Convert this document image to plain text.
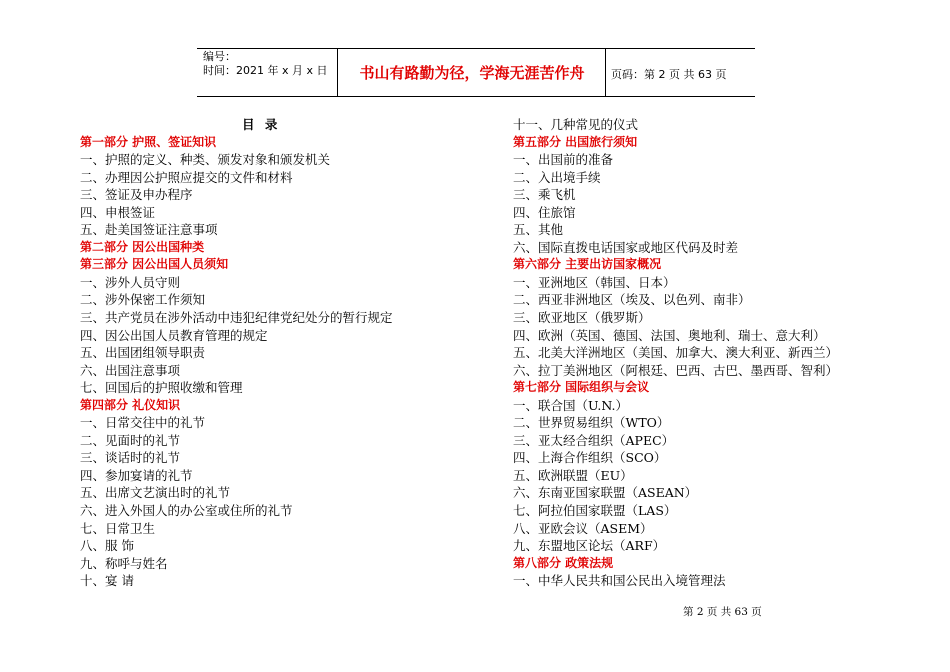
编号：
时间：2021 年 x 月 x 日	书山有路勤为径，学海无涯苦作舟	页码：第 2 页 共 63 页
目 录
第一部分 护照、签证知识
一、护照的定义、种类、颁发对象和颁发机关
二、办理因公护照应提交的文件和材料
三、签证及申办程序
四、申根签证
五、赴美国签证注意事项
第二部分 因公出国种类
第三部分 因公出国人员须知
一、涉外人员守则
二、涉外保密工作须知
三、共产党员在涉外活动中违犯纪律党纪处分的暂行规定
四、因公出国人员教育管理的规定
五、出国团组领导职责
六、出国注意事项
七、回国后的护照收缴和管理
第四部分 礼仪知识
一、日常交往中的礼节
二、见面时的礼节
三、谈话时的礼节
四、参加宴请的礼节
五、出席文艺演出时的礼节
六、进入外国人的办公室或住所的礼节
七、日常卫生
八、服 饰
九、称呼与姓名
十、宴 请
十一、几种常见的仪式
第五部分 出国旅行须知
一、出国前的准备
二、入出境手续
三、乘飞机
四、住旅馆
五、其他
六、国际直拨电话国家或地区代码及时差
第六部分 主要出访国家概况
一、亚洲地区（韩国、日本）
二、西亚非洲地区（埃及、以色列、南非）
三、欧亚地区（俄罗斯）
四、欧洲（英国、德国、法国、奥地利、瑞士、意大利）
五、北美大洋洲地区（美国、加拿大、澳大利亚、新西兰）
六、拉丁美洲地区（阿根廷、巴西、古巴、墨西哥、智利）
第七部分 国际组织与会议
一、联合国（U.N.）
二、世界贸易组织（WTO）
三、亚太经合组织（APEC）
四、上海合作组织（SCO）
五、欧洲联盟（EU）
六、东南亚国家联盟（ASEAN）
七、阿拉伯国家联盟（LAS）
八、亚欧会议（ASEM）
九、东盟地区论坛（ARF）
第八部分 政策法规
一、中华人民共和国公民出入境管理法
第 2 页 共 63 页
